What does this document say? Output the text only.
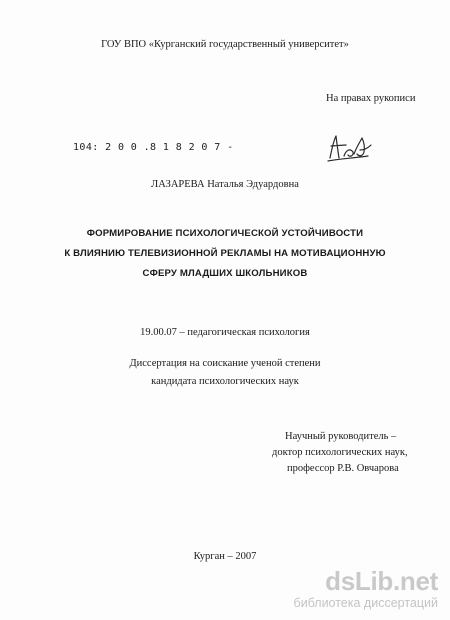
ГОУ ВПО «Курганский государственный университет»
На правах рукописи
104: 2 0 0 .8 1 8 2 0 7 -
ЛАЗАРЕВА Наталья Эдуардовна
ФОРМИРОВАНИЕ ПСИХОЛОГИЧЕСКОЙ УСТОЙЧИВОСТИ
К ВЛИЯНИЮ ТЕЛЕВИЗИОННОЙ РЕКЛАМЫ НА МОТИВАЦИОННУЮ
СФЕРУ МЛАДШИХ ШКОЛЬНИКОВ
19.00.07 – педагогическая психология
Диссертация на соискание ученой степени
кандидата психологических наук
Научный руководитель –
доктор психологических наук,
профессор Р.В. Овчарова
Курган – 2007
dsLib.net
библиотека диссертаций
